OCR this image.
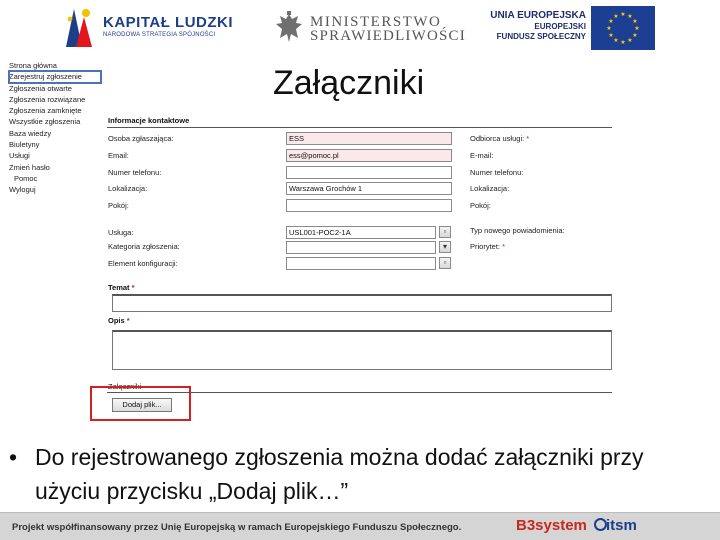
KAPITAŁ LUDZKI
NARODOWA STRATEGIA SPÓJNOŚCI
MINISTERSTWO
SPRAWIEDLIWOŚCI
UNIA EUROPEJSKA
EUROPEJSKI
FUNDUSZ SPOŁECZNY
★ ★
★
★
★
★
★
★
★
★
★
★
Strona główna
Zarejestruj zgłoszenie
Zgłoszenia otwarte
Zgłoszenia rozwiązane
Zgłoszenia zamknięte
Wszystkie zgłoszenia
Baza wiedzy
Biuletyny
Usługi
Zmień hasło
Pomoc
Wyloguj
Załączniki
Informacje kontaktowe
Osoba zgłaszająca:
Email:
Numer telefonu:
Lokalizacja:
Pokój:
ESS
ess@pomoc.pl
Warszawa Grochów 1
Odbiorca usługi: *
E-mail:
Numer telefonu:
Lokalizacja:
Pokój:
Usługa:
Kategoria zgłoszenia:
Element konfiguracji:
USL001-POC2-1A	▫
▾
▫
Typ nowego powiadomienia:
Priorytet: *
Temat *
Opis *
Załączniki
Dodaj plik...
• Do rejestrowanego zgłoszenia można dodać załączniki przy użyciu przycisku „Dodaj plik…”
Projekt współfinansowany przez Unię Europejską w ramach Europejskiego Funduszu Społecznego.	B3system itsm
